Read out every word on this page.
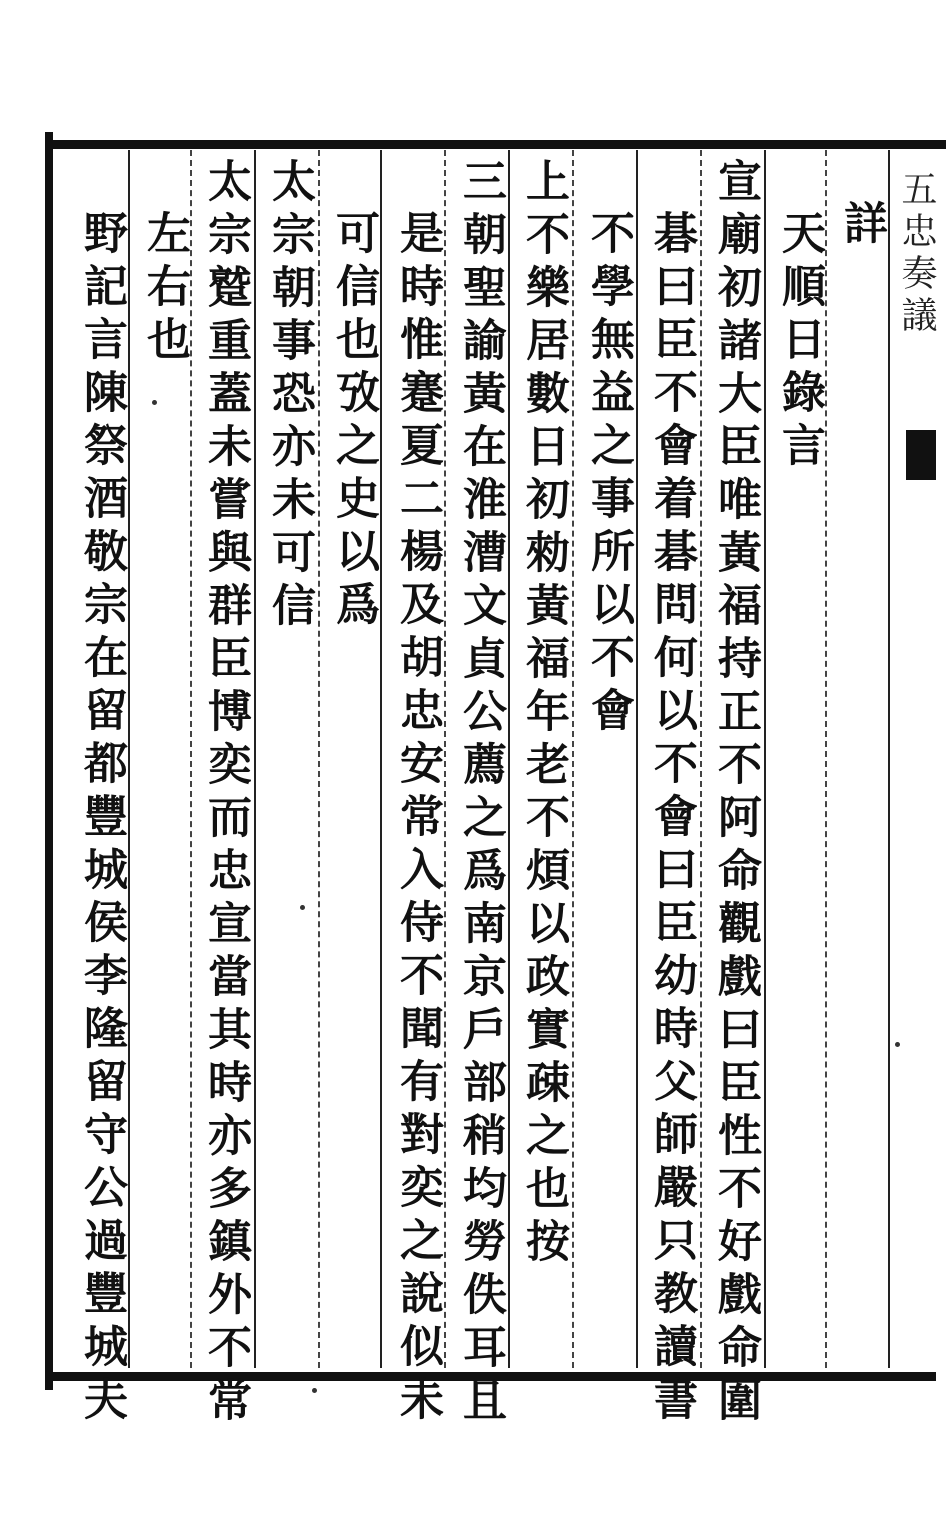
五忠奏議
詳
天順日錄言
宣廟初諸大臣唯黃福持正不阿命觀戲曰臣性不好戲命圍
碁曰臣不會着碁問何以不會曰臣幼時父師嚴只教讀書
不學無益之事所以不會
上不樂居數日初勑黃福年老不煩以政實疎之也按
三朝聖諭黃在淮漕文貞公薦之爲南京戶部稍均勞佚耳且
是時惟蹇夏二楊及胡忠安常入侍不聞有對奕之說似未
可信也攷之史以爲
太宗朝事恐亦未可信
太宗蹵重蓋未嘗與群臣博奕而忠宣當其時亦多鎮外不常
左右也
野記言陳祭酒敬宗在留都豐城侯李隆留守公過豐城夫
